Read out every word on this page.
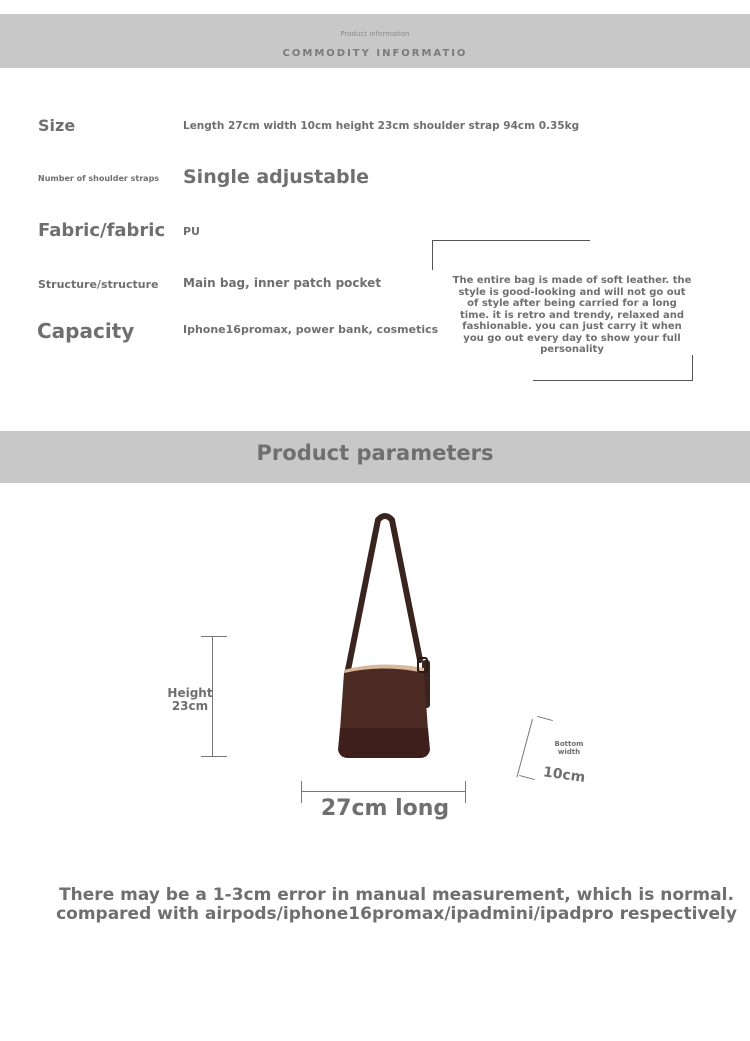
Product information
COMMODITY INFORMATIO
Size	Length 27cm width 10cm height 23cm shoulder strap 94cm 0.35kg
Number of shoulder straps Single adjustable
Fabric/fabric PU
Structure/structure Main bag, inner patch pocket
Capacity	Iphone16promax, power bank, cosmetics
The entire bag is made of soft leather. the style is good-looking and will not go out of style after being carried for a long time. it is retro and trendy, relaxed and fashionable. you can just carry it when you go out every day to show your full personality
Product parameters
Height
23cm
27cm long
Bottom width
10cm
There may be a 1-3cm error in manual measurement, which is normal.
compared with airpods/iphone16promax/ipadmini/ipadpro respectively
